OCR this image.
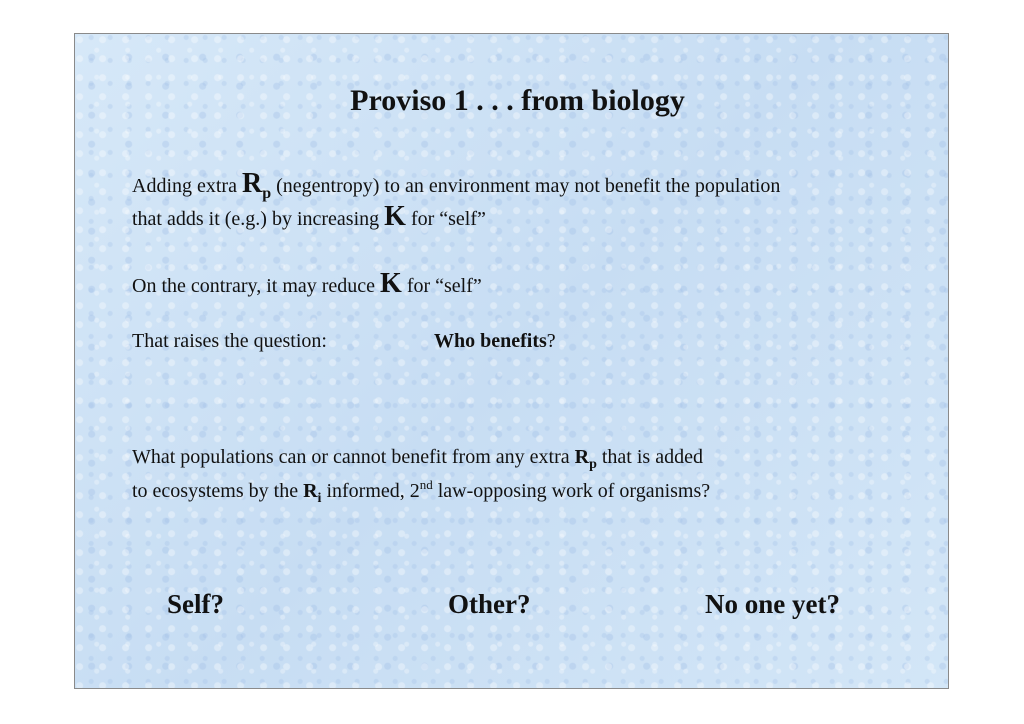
Proviso 1 . . . from biology
Adding extra $R_p$ (negentropy) to an environment may not benefit the population
that adds it (e.g.) by increasing K for “self”
On the contrary, it may reduce K for “self”
That raises the question:	Who benefits?
What populations can or cannot benefit from any extra $R_p$ that is added
to ecosystems by the $R_i$ informed, 2nd law-opposing work of organisms?
Self?	Other?	No one yet?
